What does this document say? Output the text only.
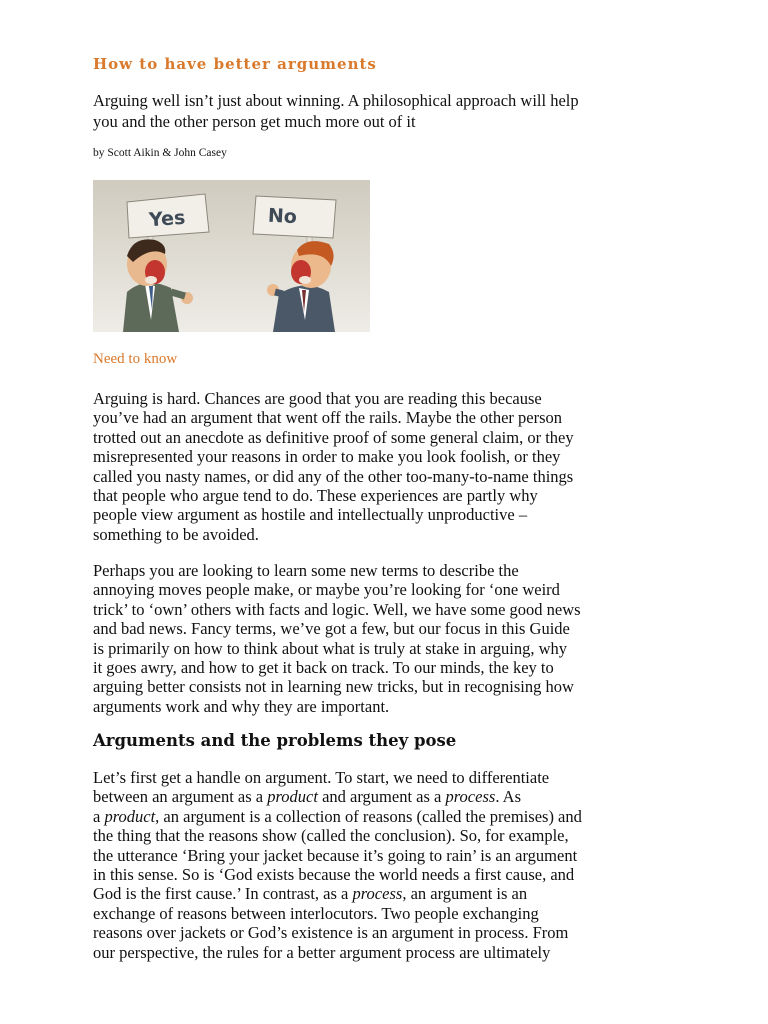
How to have better arguments
Arguing well isn’t just about winning. A philosophical approach will help
you and the other person get much more out of it
by Scott Aikin & John Casey
Yes	No
Need to know

Arguing is hard. Chances are good that you are reading this because
you’ve had an argument that went off the rails. Maybe the other person
trotted out an anecdote as definitive proof of some general claim, or they
misrepresented your reasons in order to make you look foolish, or they
called you nasty names, or did any of the other too-many-to-name things
that people who argue tend to do. These experiences are partly why
people view argument as hostile and intellectually unproductive –
something to be avoided.

Perhaps you are looking to learn some new terms to describe the
annoying moves people make, or maybe you’re looking for ‘one weird
trick’ to ‘own’ others with facts and logic. Well, we have some good news
and bad news. Fancy terms, we’ve got a few, but our focus in this Guide
is primarily on how to think about what is truly at stake in arguing, why
it goes awry, and how to get it back on track. To our minds, the key to
arguing better consists not in learning new tricks, but in recognising how
arguments work and why they are important.

Arguments and the problems they pose

Let’s first get a handle on argument. To start, we need to differentiate
between an argument as a product and argument as a process. As
a product, an argument is a collection of reasons (called the premises) and
the thing that the reasons show (called the conclusion). So, for example,
the utterance ‘Bring your jacket because it’s going to rain’ is an argument
in this sense. So is ‘God exists because the world needs a first cause, and
God is the first cause.’ In contrast, as a process, an argument is an
exchange of reasons between interlocutors. Two people exchanging
reasons over jackets or God’s existence is an argument in process. From
our perspective, the rules for a better argument process are ultimately
